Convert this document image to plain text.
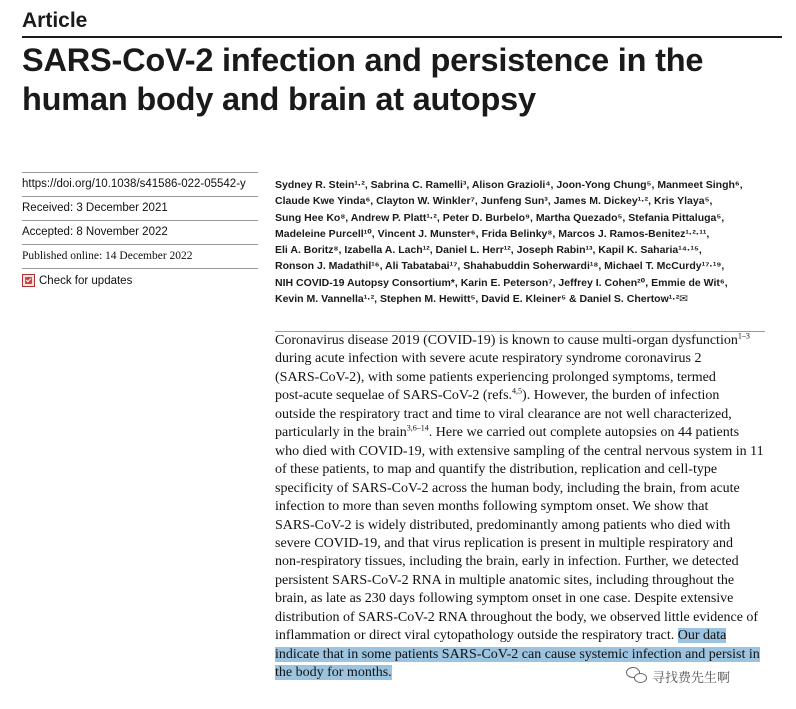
Article
SARS-CoV-2 infection and persistence in the human body and brain at autopsy
https://doi.org/10.1038/s41586-022-05542-y
Received: 3 December 2021
Accepted: 8 November 2022
Published online: 14 December 2022
Check for updates
Sydney R. Stein¹·², Sabrina C. Ramelli³, Alison Grazioli⁴, Joon-Yong Chung⁵, Manmeet Singh⁶,
Claude Kwe Yinda⁶, Clayton W. Winkler⁷, Junfeng Sun³, James M. Dickey¹·², Kris Ylaya⁵,
Sung Hee Ko⁸, Andrew P. Platt¹·², Peter D. Burbelo⁹, Martha Quezado⁵, Stefania Pittaluga⁵,
Madeleine Purcell¹⁰, Vincent J. Munster⁶, Frida Belinky⁸, Marcos J. Ramos-Benitez¹·²·¹¹,
Eli A. Boritz⁸, Izabella A. Lach¹², Daniel L. Herr¹², Joseph Rabin¹³, Kapil K. Saharia¹⁴·¹⁵,
Ronson J. Madathil¹⁶, Ali Tabatabai¹⁷, Shahabuddin Soherwardi¹⁸, Michael T. McCurdy¹⁷·¹⁹,
NIH COVID-19 Autopsy Consortium*, Karin E. Peterson⁷, Jeffrey I. Cohen²⁰, Emmie de Wit⁶,
Kevin M. Vannella¹·², Stephen M. Hewitt⁵, David E. Kleiner⁵ & Daniel S. Chertow¹·²✉
Coronavirus disease 2019 (COVID-19) is known to cause multi-organ dysfunction$^{1-3}$
during acute infection with severe acute respiratory syndrome coronavirus 2
(SARS-CoV-2), with some patients experiencing prolonged symptoms, termed
post-acute sequelae of SARS-CoV-2 (refs.$^{4,5}$). However, the burden of infection
outside the respiratory tract and time to viral clearance are not well characterized,
particularly in the brain$^{3,6-14}$. Here we carried out complete autopsies on 44 patients
who died with COVID-19, with extensive sampling of the central nervous system in 11
of these patients, to map and quantify the distribution, replication and cell-type
specificity of SARS-CoV-2 across the human body, including the brain, from acute
infection to more than seven months following symptom onset. We show that
SARS-CoV-2 is widely distributed, predominantly among patients who died with
severe COVID-19, and that virus replication is present in multiple respiratory and
non-respiratory tissues, including the brain, early in infection. Further, we detected
persistent SARS-CoV-2 RNA in multiple anatomic sites, including throughout the
brain, as late as 230 days following symptom onset in one case. Despite extensive
distribution of SARS-CoV-2 RNA throughout the body, we observed little evidence of
inflammation or direct viral cytopathology outside the respiratory tract. Our data
indicate that in some patients SARS-CoV-2 can cause systemic infection and persist in
the body for months.	寻找费先生啊
